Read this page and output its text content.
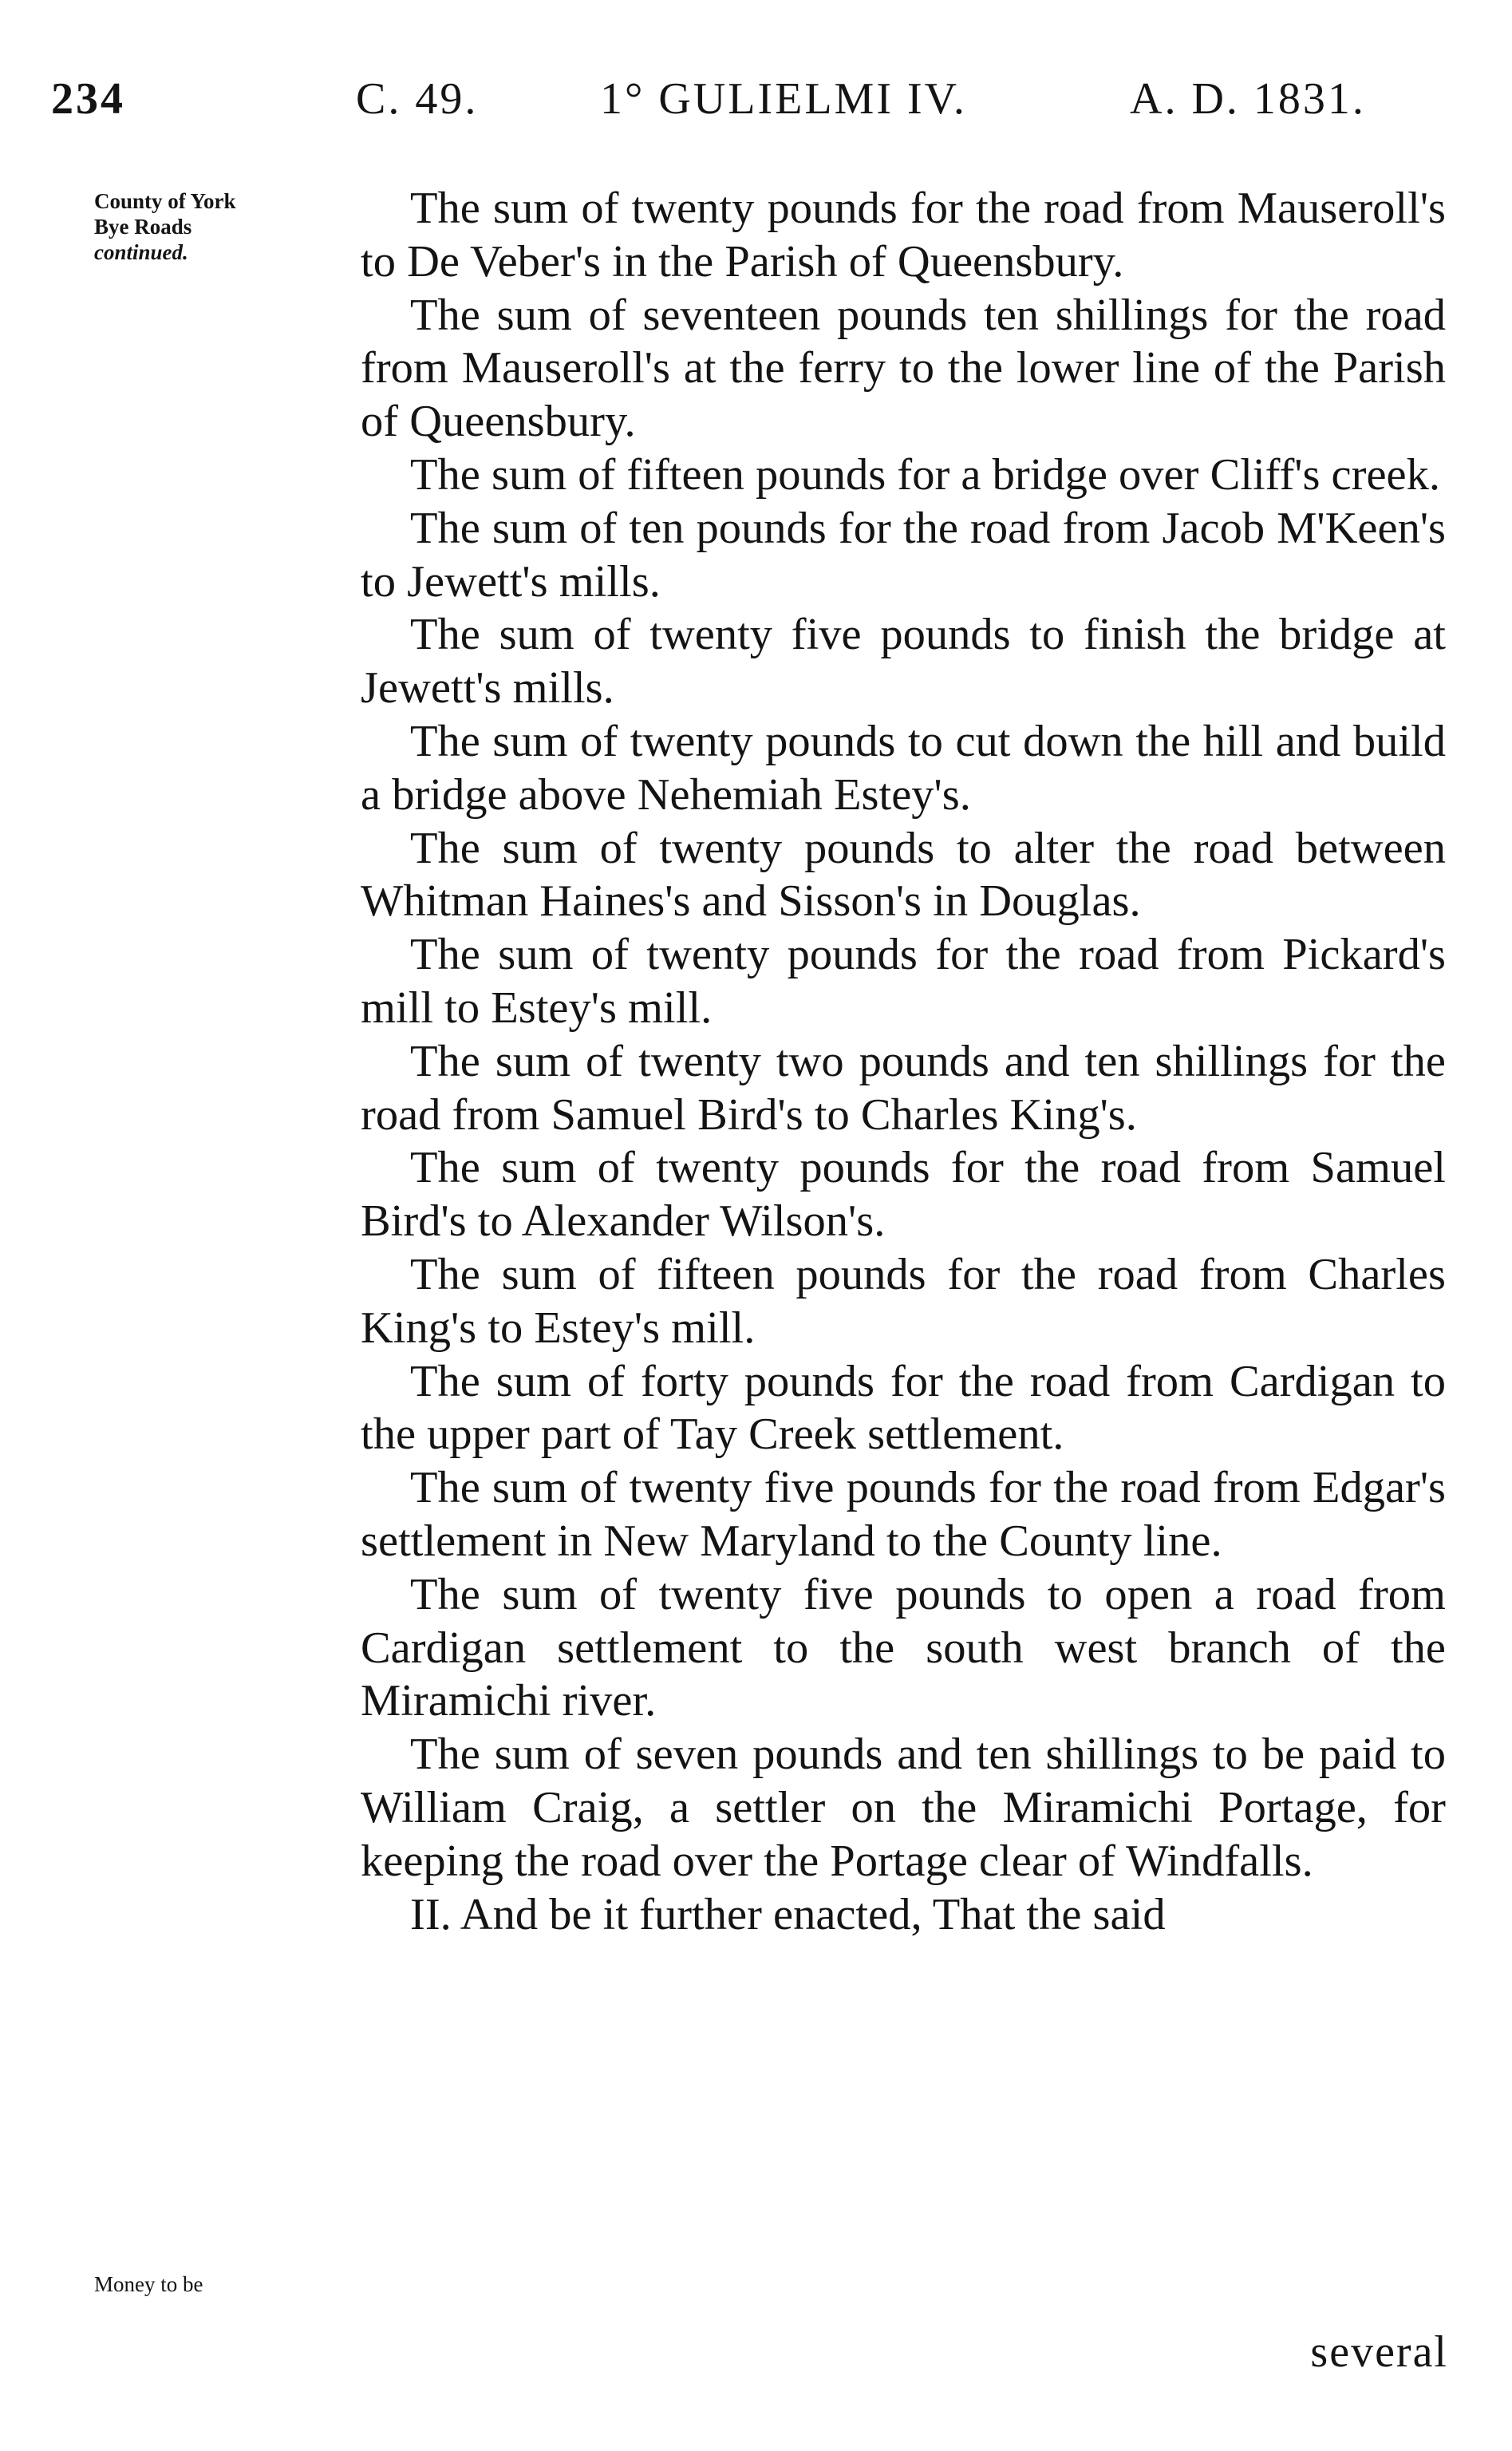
234	C. 49.	1° GULIELMI IV.	A. D. 1831.
County of York
Bye Roads
continued.

The sum of twenty pounds for the road from Mauseroll's to De Veber's in the Parish of Queensbury.

The sum of seventeen pounds ten shillings for the road from Mauseroll's at the ferry to the lower line of the Parish of Queensbury.

The sum of fifteen pounds for a bridge over Cliff's creek.

The sum of ten pounds for the road from Jacob M'Keen's to Jewett's mills.

The sum of twenty five pounds to finish the bridge at Jewett's mills.

The sum of twenty pounds to cut down the hill and build a bridge above Nehemiah Estey's.

The sum of twenty pounds to alter the road between Whitman Haines's and Sisson's in Douglas.

The sum of twenty pounds for the road from Pickard's mill to Estey's mill.

The sum of twenty two pounds and ten shillings for the road from Samuel Bird's to Charles King's.

The sum of twenty pounds for the road from Samuel Bird's to Alexander Wilson's.

The sum of fifteen pounds for the road from Charles King's to Estey's mill.

The sum of forty pounds for the road from Cardigan to the upper part of Tay Creek settlement.

The sum of twenty five pounds for the road from Edgar's settlement in New Maryland to the County line.

The sum of twenty five pounds to open a road from Cardigan settlement to the south west branch of the Miramichi river.

The sum of seven pounds and ten shillings to be paid to William Craig, a settler on the Miramichi Portage, for keeping the road over the Portage clear of Windfalls.

II. And be it further enacted, That the said

Money to be
several
